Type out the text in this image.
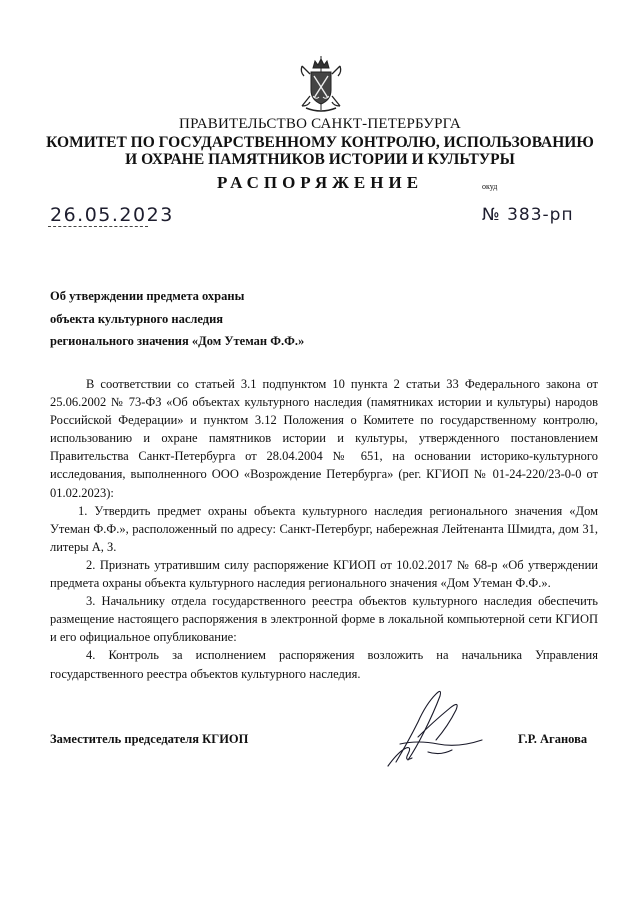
ПРАВИТЕЛЬСТВО САНКТ-ПЕТЕРБУРГА
КОМИТЕТ ПО ГОСУДАРСТВЕННОМУ КОНТРОЛЮ, ИСПОЛЬЗОВАНИЮ
И ОХРАНЕ ПАМЯТНИКОВ ИСТОРИИ И КУЛЬТУРЫ
РАСПОРЯЖЕНИЕ	окуд
26.05.2023	№ 383-рп
Об утверждении предмета охраны
объекта культурного наследия
регионального значения «Дом Утеман Ф.Ф.»

В соответствии со статьей 3.1 подпунктом 10 пункта 2 статьи 33 Федерального закона от 25.06.2002 № 73-ФЗ «Об объектах культурного наследия (памятниках истории и культуры) народов Российской Федерации» и пунктом 3.12 Положения о Комитете по государственному контролю, использованию и охране памятников истории и культуры, утвержденного постановлением Правительства Санкт-Петербурга от 28.04.2004 № 651, на основании историко-культурного исследования, выполненного ООО «Возрождение Петербурга» (рег. КГИОП № 01-24-220/23-0-0 от 01.02.2023):

1. Утвердить предмет охраны объекта культурного наследия регионального значения «Дом Утеман Ф.Ф.», расположенный по адресу: Санкт-Петербург, набережная Лейтенанта Шмидта, дом 31, литеры А, З.

2. Признать утратившим силу распоряжение КГИОП от 10.02.2017 № 68-р «Об утверждении предмета охраны объекта культурного наследия регионального значения «Дом Утеман Ф.Ф.».

3. Начальнику отдела государственного реестра объектов культурного наследия обеспечить размещение настоящего распоряжения в электронной форме в локальной компьютерной сети КГИОП и его официальное опубликование:

4. Контроль за исполнением распоряжения возложить на начальника Управления государственного реестра объектов культурного наследия.

Заместитель председателя КГИОП	Г.Р. Аганова
